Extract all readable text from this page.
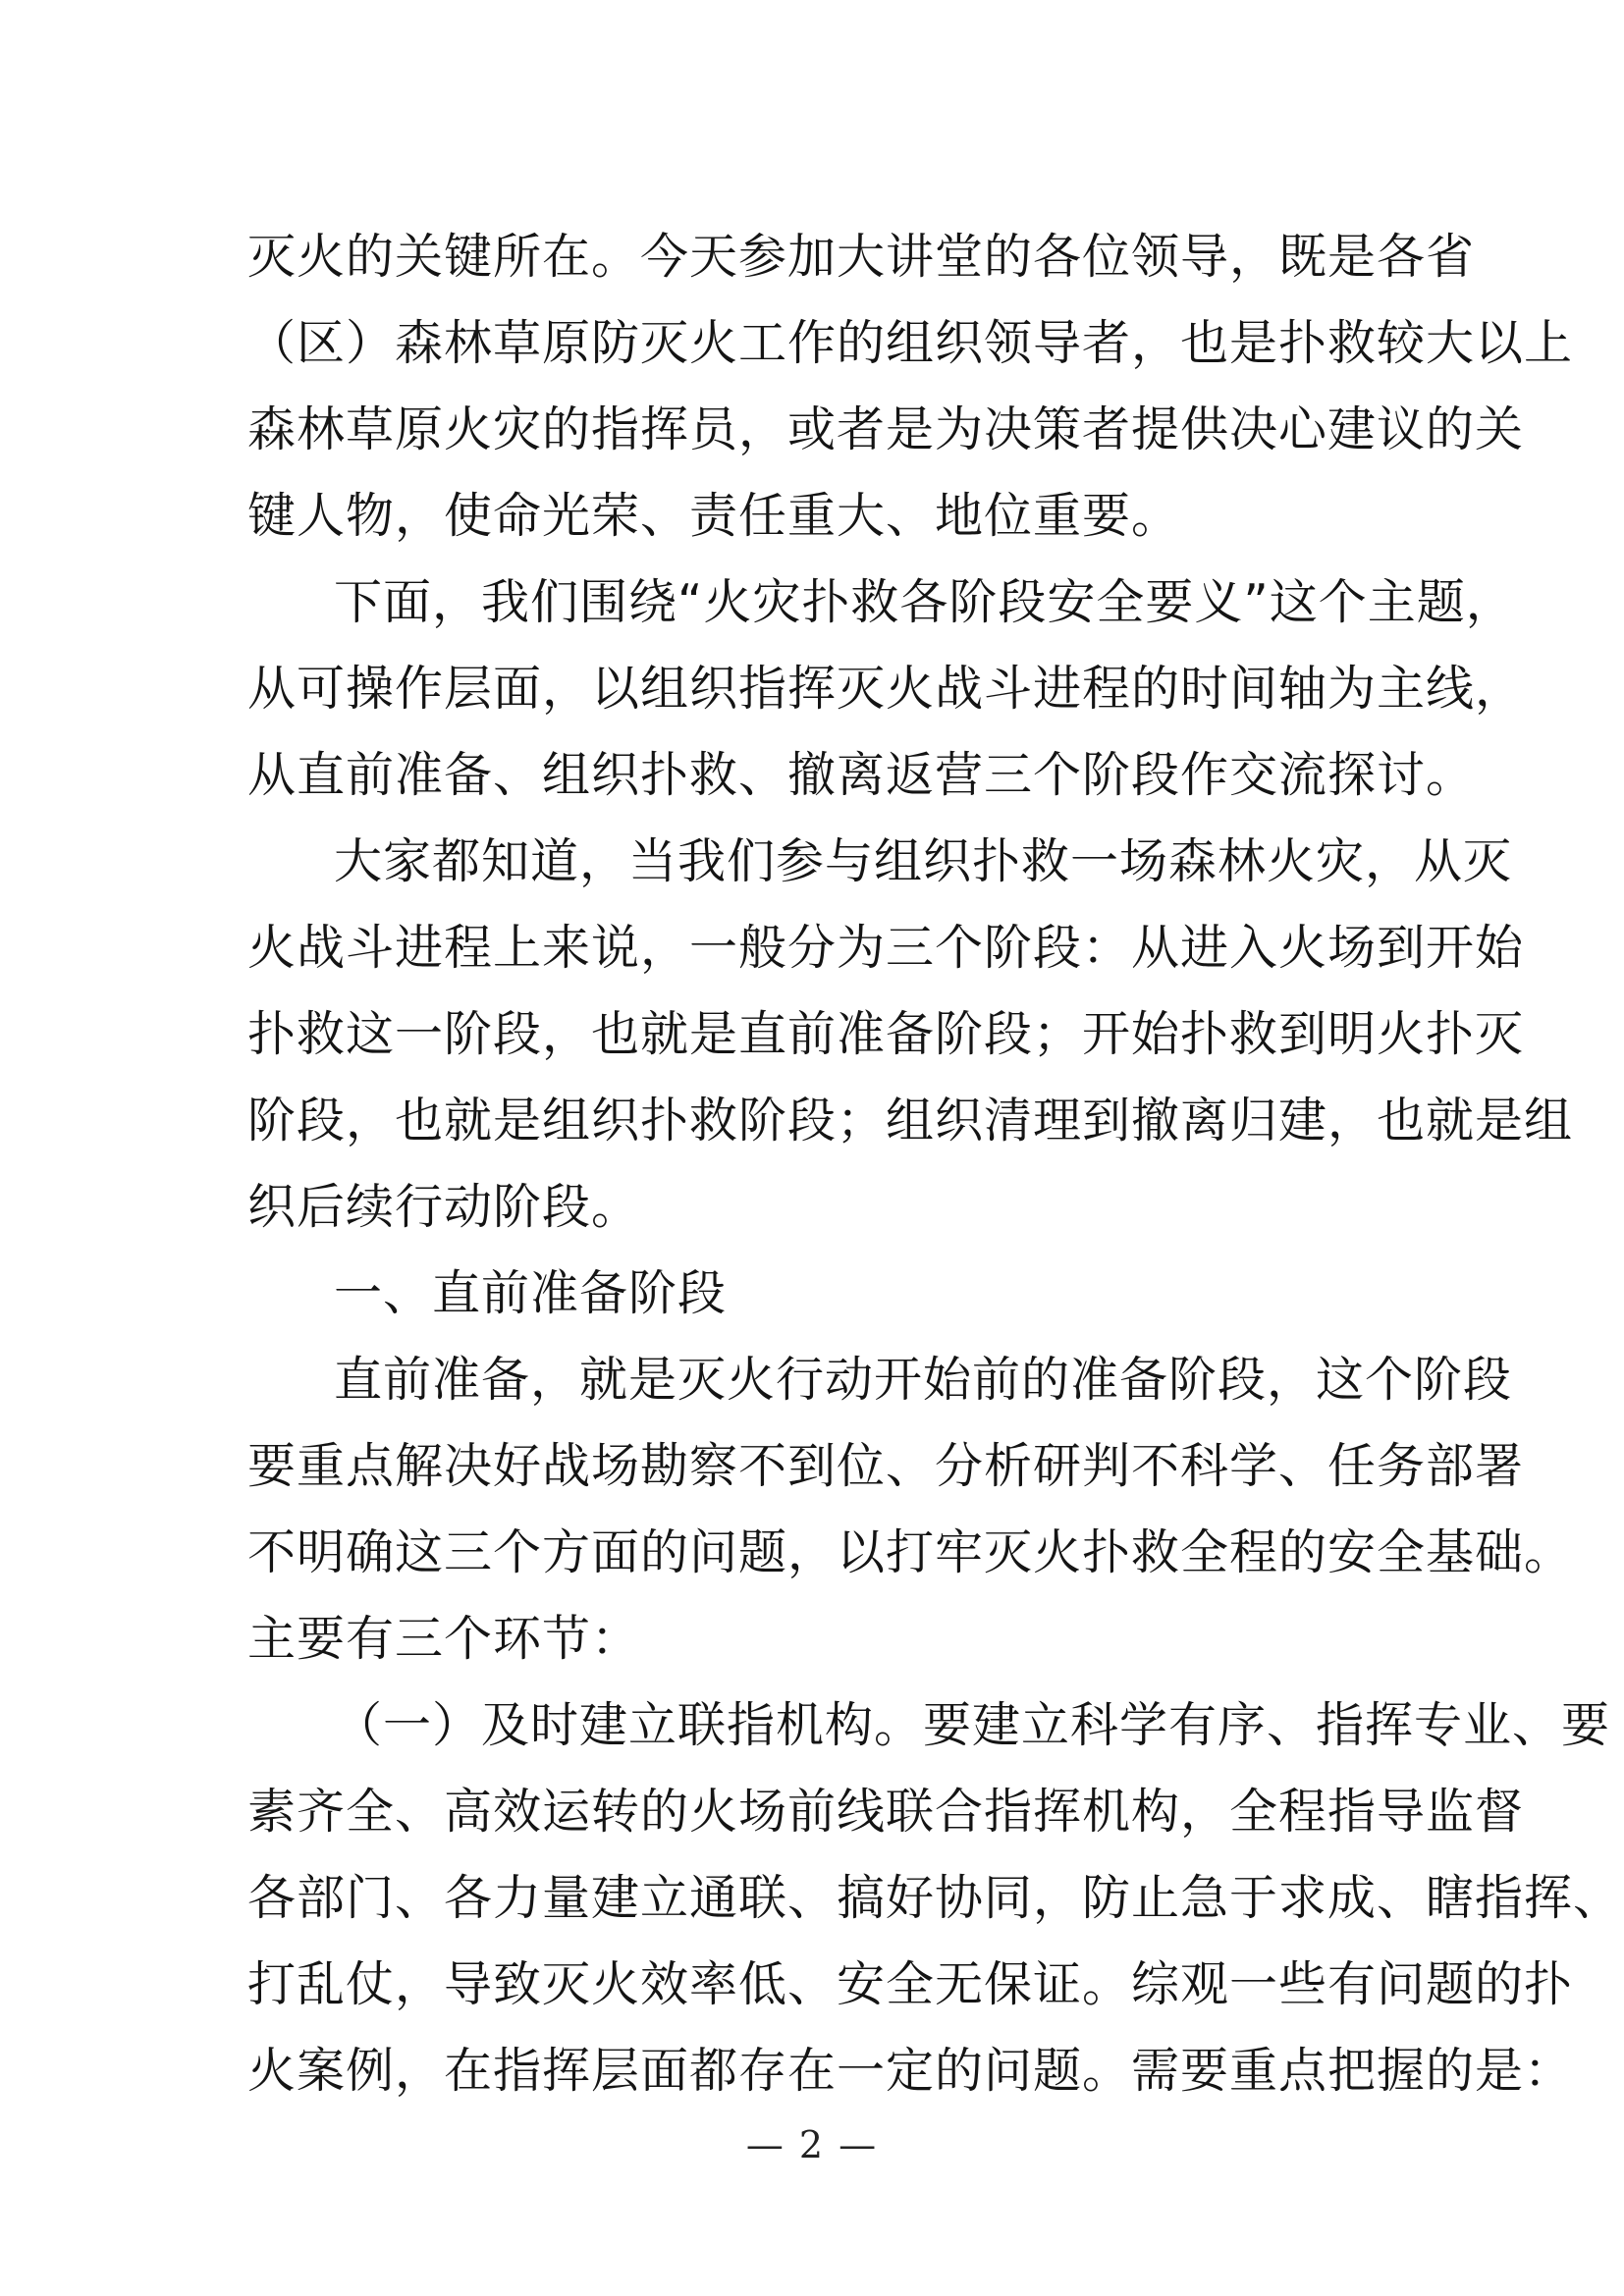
灭火的关键所在。今天参加大讲堂的各位领导，既是各省
（区）森林草原防灭火工作的组织领导者，也是扑救较大以上
森林草原火灾的指挥员，或者是为决策者提供决心建议的关
键人物，使命光荣、责任重大、地位重要。
下面，我们围绕“火灾扑救各阶段安全要义”这个主题，
从可操作层面，以组织指挥灭火战斗进程的时间轴为主线，
从直前准备、组织扑救、撤离返营三个阶段作交流探讨。
大家都知道，当我们参与组织扑救一场森林火灾，从灭
火战斗进程上来说，一般分为三个阶段：从进入火场到开始
扑救这一阶段，也就是直前准备阶段；开始扑救到明火扑灭
阶段，也就是组织扑救阶段；组织清理到撤离归建，也就是组
织后续行动阶段。
一、直前准备阶段
直前准备，就是灭火行动开始前的准备阶段，这个阶段
要重点解决好战场勘察不到位、分析研判不科学、任务部署
不明确这三个方面的问题，以打牢灭火扑救全程的安全基础。
主要有三个环节：
（一）及时建立联指机构。要建立科学有序、指挥专业、要
素齐全、高效运转的火场前线联合指挥机构，全程指导监督
各部门、各力量建立通联、搞好协同，防止急于求成、瞎指挥、
打乱仗，导致灭火效率低、安全无保证。综观一些有问题的扑
火案例，在指挥层面都存在一定的问题。需要重点把握的是：
— 2 —
